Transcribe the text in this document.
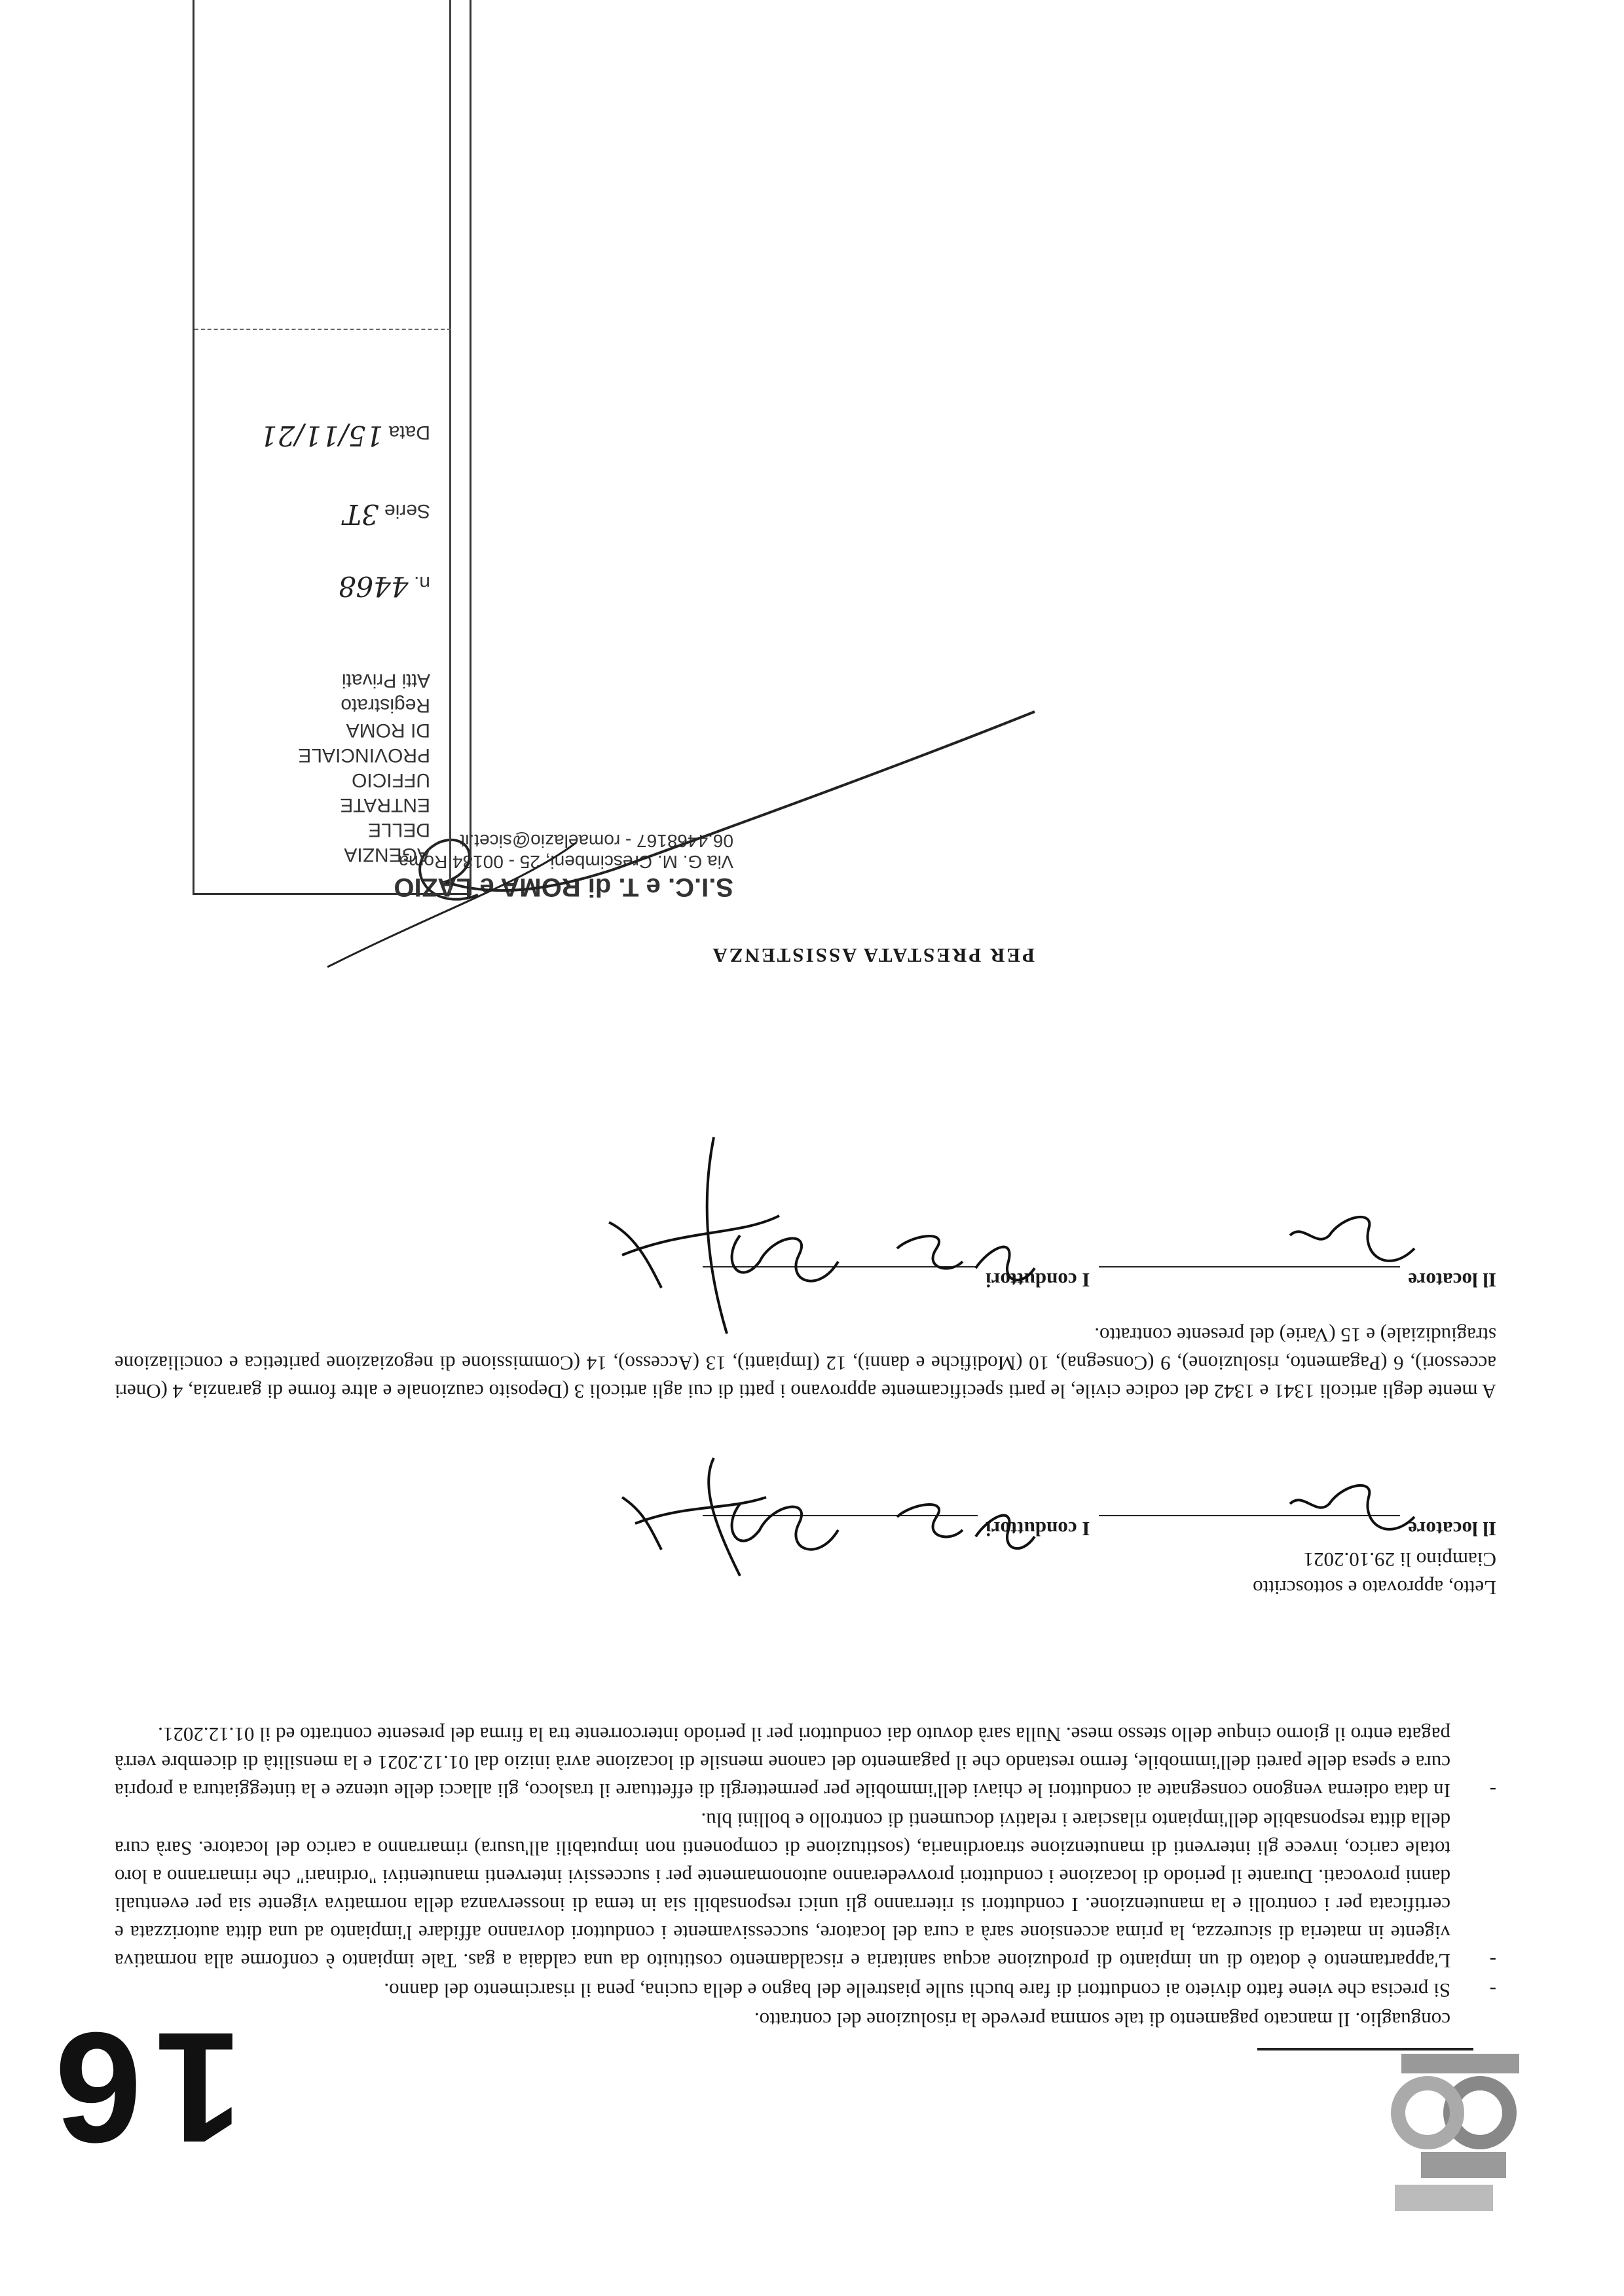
16	conguaglio. Il mancato pagamento di tale somma prevede la risoluzione del contratto.

-
Si precisa che viene fatto divieto ai conduttori di fare buchi sulle piastrelle del bagno e della cucina, pena il risarcimento del danno.
-
L'appartamento è dotato di un impianto di produzione acqua sanitaria e riscaldamento costituito da una caldaia a gas. Tale impianto è conforme alla normativa vigente in materia di sicurezza, la prima accensione sarà a cura del locatore, successivamente i conduttori dovranno affidare l'impianto ad una ditta autorizzata e certificata per i controlli e la manutenzione. I conduttori si riterranno gli unici responsabili sia in tema di inosservanza della normativa vigente sia per eventuali danni provocati. Durante il periodo di locazione i conduttori provvederanno autonomamente per i successivi interventi manutentivi "ordinari" che rimarranno a loro totale carico, invece gli interventi di manutenzione straordinaria, (sostituzione di componenti non imputabili all'usura) rimarranno a carico del locatore. Sarà cura della ditta responsabile dell'impianto rilasciare i relativi documenti di controllo e bollini blu.
-
In data odierna vengono consegnate ai conduttori le chiavi dell'immobile per permettergli di effettuare il trasloco, gli allacci delle utenze e la tinteggiatura a propria cura e spesa delle pareti dell'immobile, fermo restando che il pagamento del canone mensile di locazione avrà inizio dal 01.12.2021 e la mensilità di dicembre verrà pagata entro il giorno cinque dello stesso mese. Nulla sarà dovuto dai conduttori per il periodo intercorrente tra la firma del presente contratto ed il 01.12.2021.
Letto, approvato e sottoscritto
Ciampino li 29.10.2021
Il locatore
I conduttori

A mente degli articoli 1341 e 1342 del codice civile, le parti specificamente approvano i patti di cui agli articoli 3 (Deposito cauzionale e altre forme di garanzia, 4 (Oneri accessori), 6 (Pagamento, risoluzione), 9 (Consegna), 10 (Modifiche e danni), 12 (Impianti), 13 (Accesso), 14 (Commissione di negoziazione paritetica e conciliazione stragiudiziale) e 15 (Varie) del presente contratto.

Il locatore
I conduttori
PER PRESTATA ASSISTENZA
S.I.C. e T. di ROMA e LAZIO
Via G. M. Crescimbeni, 25 - 00184 Roma
06.4468167 - romaelazio@sicet.it
AGENZIA
DELLE
ENTRATE
UFFICIO
PROVINCIALE
DI ROMA
Registrato
Atti Privati
n. 4468
Serie 3T
Data 15/11/21
